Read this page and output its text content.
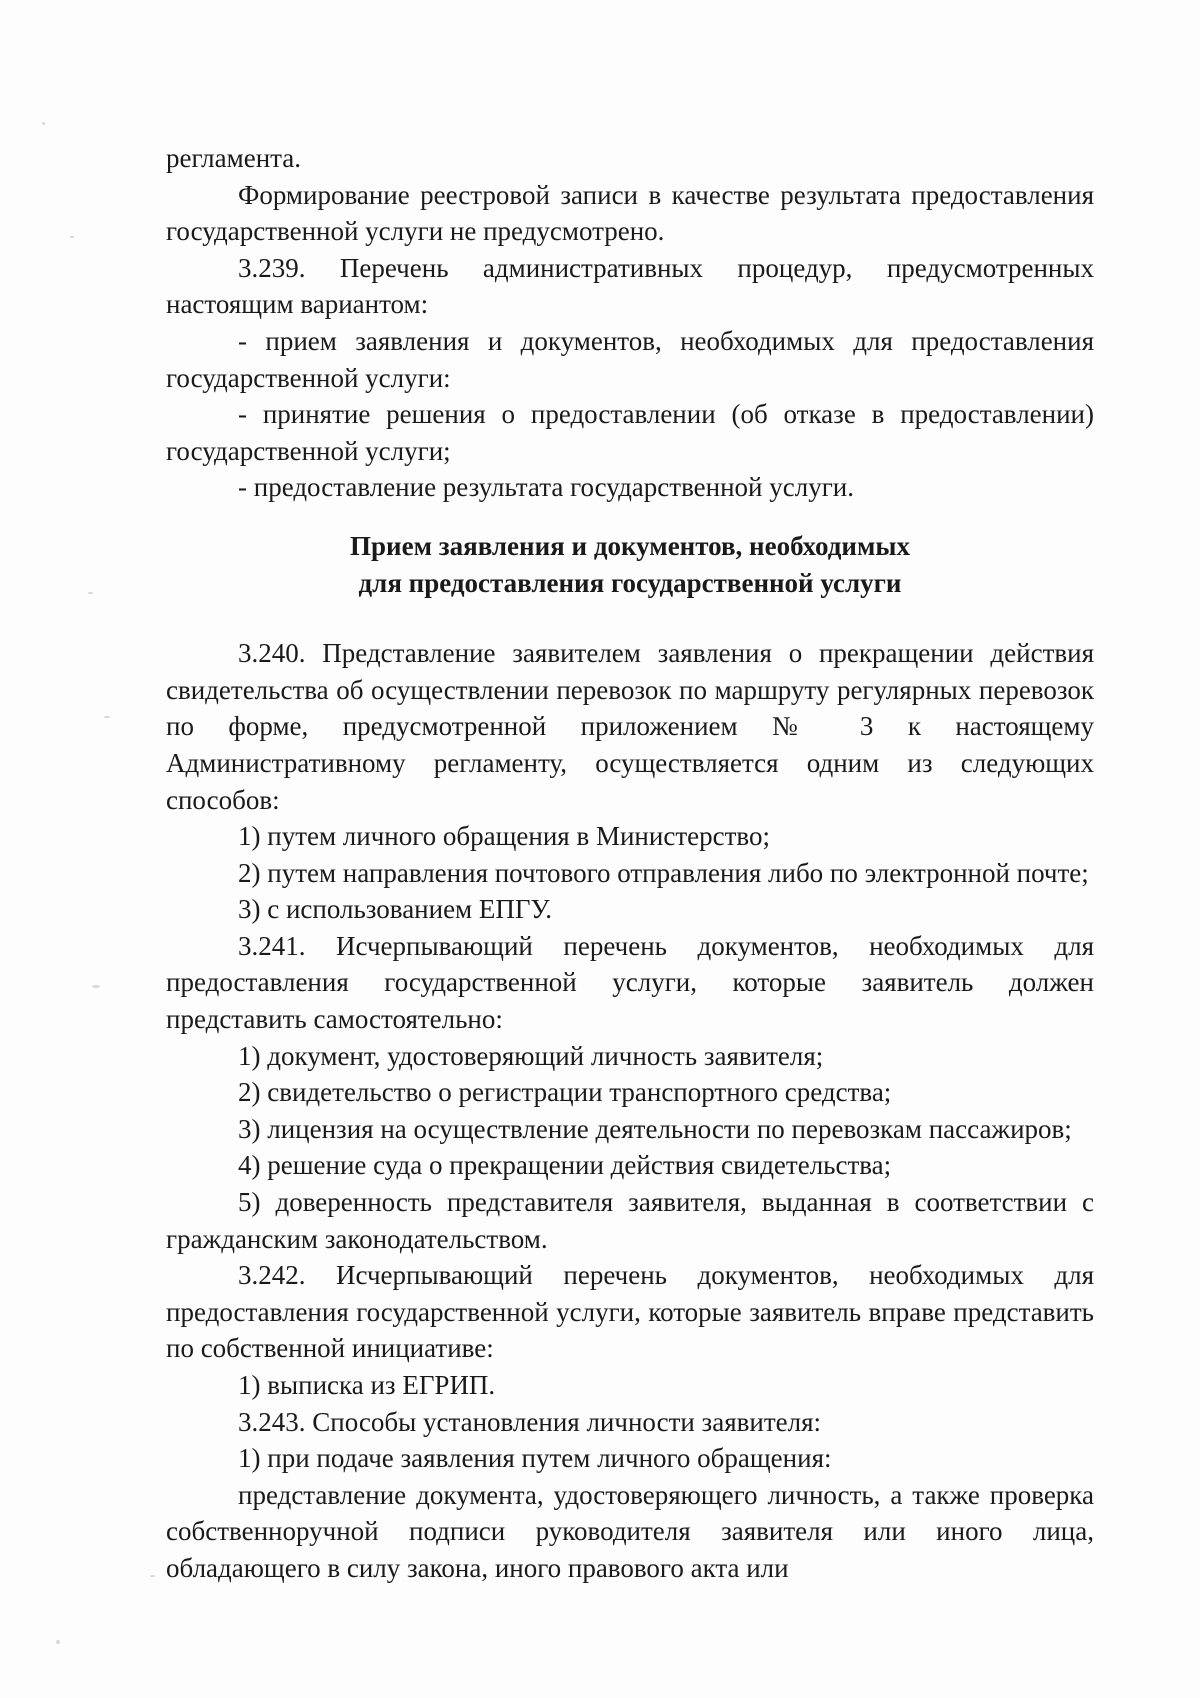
регламента.

Формирование реестровой записи в качестве результата предоставления государственной услуги не предусмотрено.

3.239. Перечень административных процедур, предусмотренных настоящим вариантом:

- прием заявления и документов, необходимых для предоставления государственной услуги:

- принятие решения о предоставлении (об отказе в предоставлении) государственной услуги;

- предоставление результата государственной услуги.

Прием заявления и документов, необходимых
для предоставления государственной услуги

3.240. Представление заявителем заявления о прекращении действия свидетельства об осуществлении перевозок по маршруту регулярных перевозок по форме, предусмотренной приложением № 3 к настоящему Административному регламенту, осуществляется одним из следующих способов:

1) путем личного обращения в Министерство;

2) путем направления почтового отправления либо по электронной почте;

3) с использованием ЕПГУ.

3.241. Исчерпывающий перечень документов, необходимых для предоставления государственной услуги, которые заявитель должен представить самостоятельно:

1) документ, удостоверяющий личность заявителя;

2) свидетельство о регистрации транспортного средства;

3) лицензия на осуществление деятельности по перевозкам пассажиров;

4) решение суда о прекращении действия свидетельства;

5) доверенность представителя заявителя, выданная в соответствии с гражданским законодательством.

3.242. Исчерпывающий перечень документов, необходимых для предоставления государственной услуги, которые заявитель вправе представить по собственной инициативе:

1) выписка из ЕГРИП.

3.243. Способы установления личности заявителя:

1) при подаче заявления путем личного обращения:

представление документа, удостоверяющего личность, а также проверка собственноручной подписи руководителя заявителя или иного лица, обладающего в силу закона, иного правового акта или
